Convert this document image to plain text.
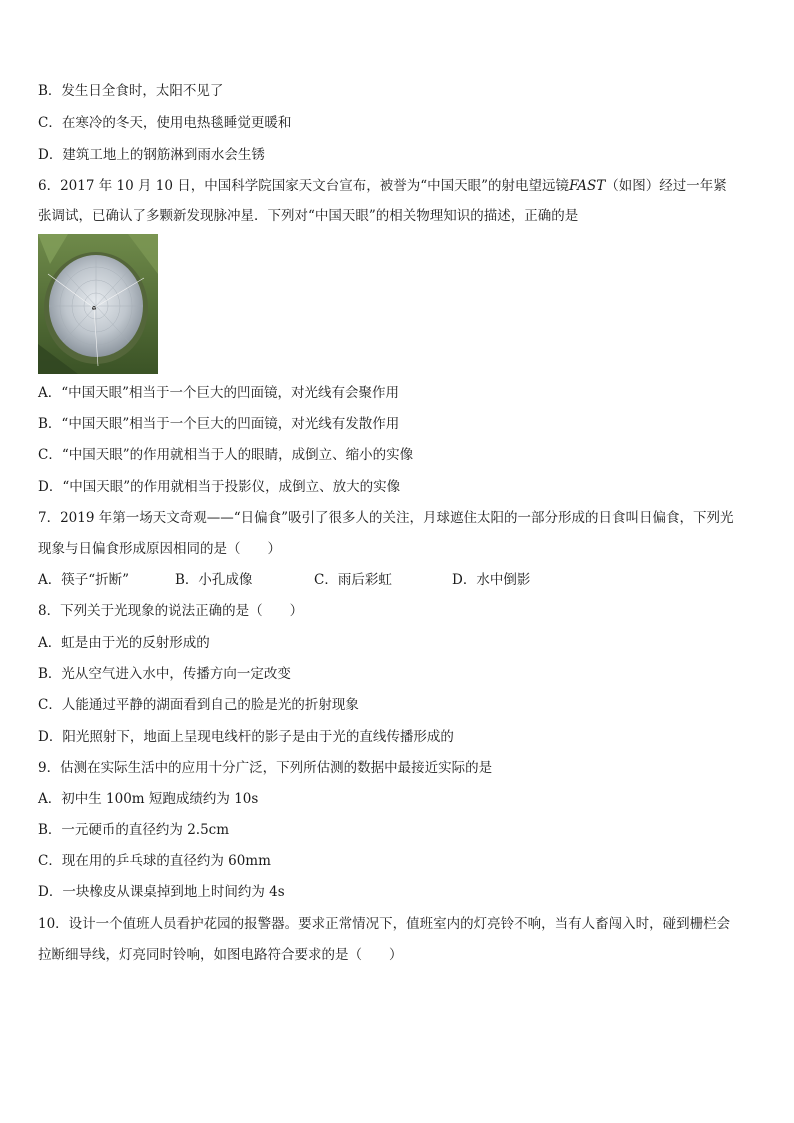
B．发生日全食时，太阳不见了
C．在寒冷的冬天，使用电热毯睡觉更暖和
D．建筑工地上的钢筋淋到雨水会生锈
6．2017 年 10 月 10 日，中国科学院国家天文台宣布，被誉为“中国天眼”的射电望远镜FAST（如图）经过一年紧
张调试，已确认了多颗新发现脉冲星．下列对“中国天眼”的相关物理知识的描述，正确的是
A．“中国天眼”相当于一个巨大的凹面镜，对光线有会聚作用
B．“中国天眼”相当于一个巨大的凹面镜，对光线有发散作用
C．“中国天眼”的作用就相当于人的眼睛，成倒立、缩小的实像
D．“中国天眼”的作用就相当于投影仪，成倒立、放大的实像
7．2019 年第一场天文奇观——“日偏食”吸引了很多人的关注，月球遮住太阳的一部分形成的日食叫日偏食，下列光
现象与日偏食形成原因相同的是（　　）
A．筷子“折断”	B．小孔成像	C．雨后彩虹	D．水中倒影
8．下列关于光现象的说法正确的是（　　）
A．虹是由于光的反射形成的
B．光从空气进入水中，传播方向一定改变
C．人能通过平静的湖面看到自己的脸是光的折射现象
D．阳光照射下，地面上呈现电线杆的影子是由于光的直线传播形成的
9．估测在实际生活中的应用十分广泛，下列所估测的数据中最接近实际的是
A．初中生 100m 短跑成绩约为 10s
B．一元硬币的直径约为 2.5cm
C．现在用的乒乓球的直径约为 60mm
D．一块橡皮从课桌掉到地上时间约为 4s
10．设计一个值班人员看护花园的报警器。要求正常情况下，值班室内的灯亮铃不响，当有人畜闯入时，碰到栅栏会
拉断细导线，灯亮同时铃响，如图电路符合要求的是（　　）
